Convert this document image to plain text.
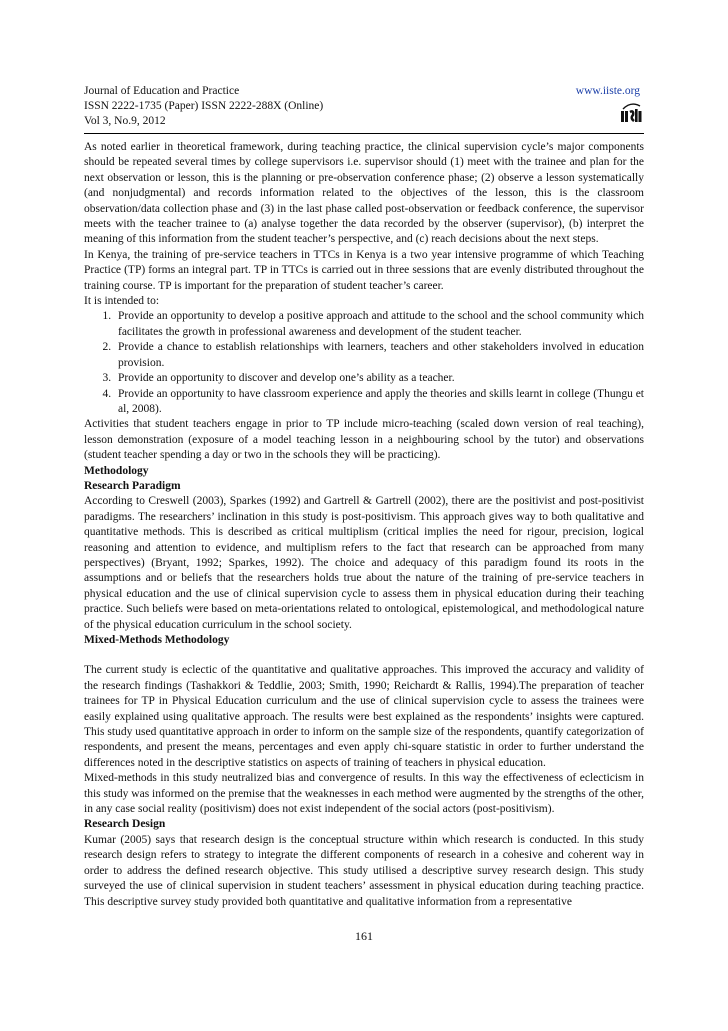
Journal of Education and Practice
ISSN 2222-1735 (Paper) ISSN 2222-288X (Online)
Vol 3, No.9, 2012
www.iiste.org

As noted earlier in theoretical framework, during teaching practice, the clinical supervision cycle’s major components should be repeated several times by college supervisors i.e. supervisor should (1) meet with the trainee and plan for the next observation or lesson, this is the planning or pre-observation conference phase; (2) observe a lesson systematically (and nonjudgmental) and records information related to the objectives of the lesson, this is the classroom observation/data collection phase and (3) in the last phase called post-observation or feedback conference, the supervisor meets with the teacher trainee to (a) analyse together the data recorded by the observer (supervisor), (b) interpret the meaning of this information from the student teacher’s perspective, and (c) reach decisions about the next steps.

In Kenya, the training of pre-service teachers in TTCs in Kenya is a two year intensive programme of which Teaching Practice (TP) forms an integral part. TP in TTCs is carried out in three sessions that are evenly distributed throughout the training course. TP is important for the preparation of student teacher’s career.

It is intended to:

1. Provide an opportunity to develop a positive approach and attitude to the school and the school community which facilitates the growth in professional awareness and development of the student teacher.
2. Provide a chance to establish relationships with learners, teachers and other stakeholders involved in education provision.
3. Provide an opportunity to discover and develop one’s ability as a teacher.
4. Provide an opportunity to have classroom experience and apply the theories and skills learnt in college (Thungu et al, 2008).

Activities that student teachers engage in prior to TP include micro-teaching (scaled down version of real teaching), lesson demonstration (exposure of a model teaching lesson in a neighbouring school by the tutor) and observations (student teacher spending a day or two in the schools they will be practicing).

Methodology

Research Paradigm

According to Creswell (2003), Sparkes (1992) and Gartrell & Gartrell (2002), there are the positivist and post-positivist paradigms. The researchers’ inclination in this study is post-positivism. This approach gives way to both qualitative and quantitative methods. This is described as critical multiplism (critical implies the need for rigour, precision, logical reasoning and attention to evidence, and multiplism refers to the fact that research can be approached from many perspectives) (Bryant, 1992; Sparkes, 1992). The choice and adequacy of this paradigm found its roots in the assumptions and or beliefs that the researchers holds true about the nature of the training of pre-service teachers in physical education and the use of clinical supervision cycle to assess them in physical education during their teaching practice. Such beliefs were based on meta-orientations related to ontological, epistemological, and methodological nature of the physical education curriculum in the school society.

Mixed-Methods Methodology

The current study is eclectic of the quantitative and qualitative approaches. This improved the accuracy and validity of the research findings (Tashakkori & Teddlie, 2003; Smith, 1990; Reichardt & Rallis, 1994).The preparation of teacher trainees for TP in Physical Education curriculum and the use of clinical supervision cycle to assess the trainees were easily explained using qualitative approach. The results were best explained as the respondents’ insights were captured. This study used quantitative approach in order to inform on the sample size of the respondents, quantify categorization of respondents, and present the means, percentages and even apply chi-square statistic in order to further understand the differences noted in the descriptive statistics on aspects of training of teachers in physical education.

Mixed-methods in this study neutralized bias and convergence of results. In this way the effectiveness of eclecticism in this study was informed on the premise that the weaknesses in each method were augmented by the strengths of the other, in any case social reality (positivism) does not exist independent of the social actors (post-positivism).

Research Design

Kumar (2005) says that research design is the conceptual structure within which research is conducted. In this study research design refers to strategy to integrate the different components of research in a cohesive and coherent way in order to address the defined research objective. This study utilised a descriptive survey research design. This study surveyed the use of clinical supervision in student teachers’ assessment in physical education during teaching practice. This descriptive survey study provided both quantitative and qualitative information from a representative

161
